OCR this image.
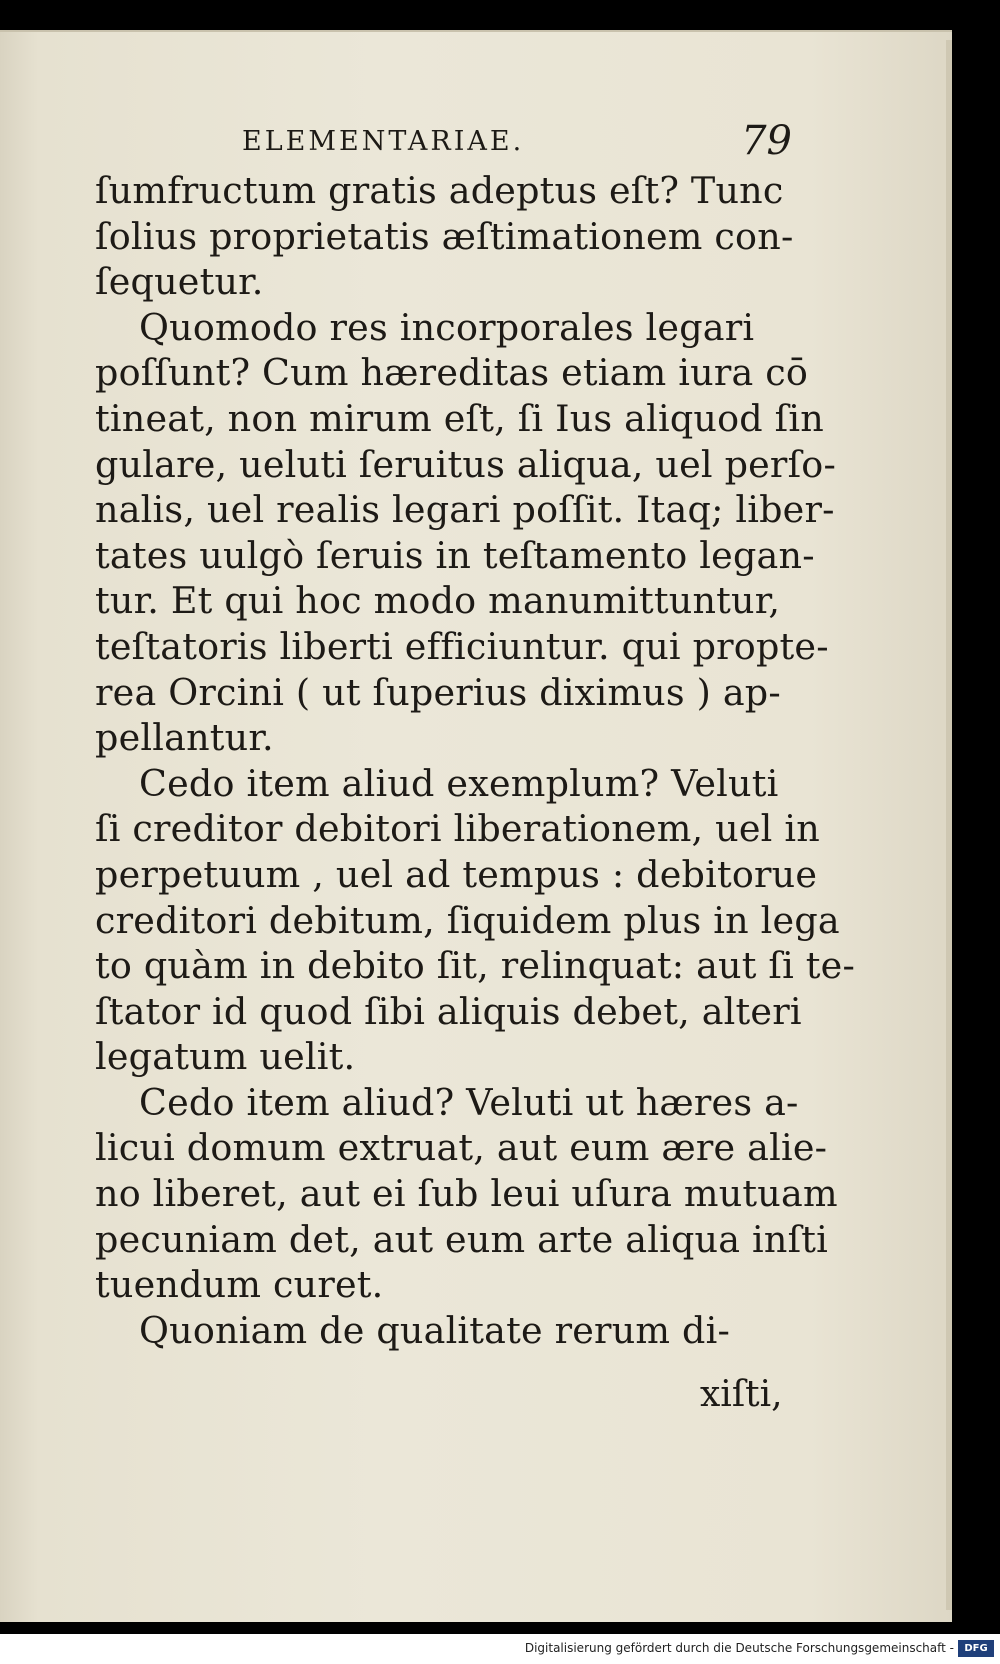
ELEMENTARIAE.	79
ſumfructum gratis adeptus eſt? Tunc
ſolius proprietatis æſtimationem con-
ſequetur.
Quomodo res incorporales legari
poſſunt? Cum hæreditas etiam iura cō
tineat, non mirum eſt, ſi Ius aliquod ſin
gulare, ueluti ſeruitus aliqua, uel perſo-
nalis, uel realis legari poſſit. Itaq; liber-
tates uulgò ſeruis in teſtamento legan-
tur. Et qui hoc modo manumittuntur,
teſtatoris liberti efficiuntur. qui propte-
rea Orcini ( ut ſuperius diximus ) ap-
pellantur.
Cedo item aliud exemplum? Veluti
ſi creditor debitori liberationem, uel in
perpetuum , uel ad tempus : debitorue
creditori debitum, ſiquidem plus in lega
to quàm in debito ſit, relinquat: aut ſi te-
ſtator id quod ſibi aliquis debet, alteri
legatum uelit.
Cedo item aliud? Veluti ut hæres a-
licui domum extruat, aut eum ære alie-
no liberet, aut ei ſub leui uſura mutuam
pecuniam det, aut eum arte aliqua inſti
tuendum curet.
Quoniam de qualitate rerum di-
xiſti,
Digitalisierung gefördert durch die Deutsche Forschungsgemeinschaft -	DFG
